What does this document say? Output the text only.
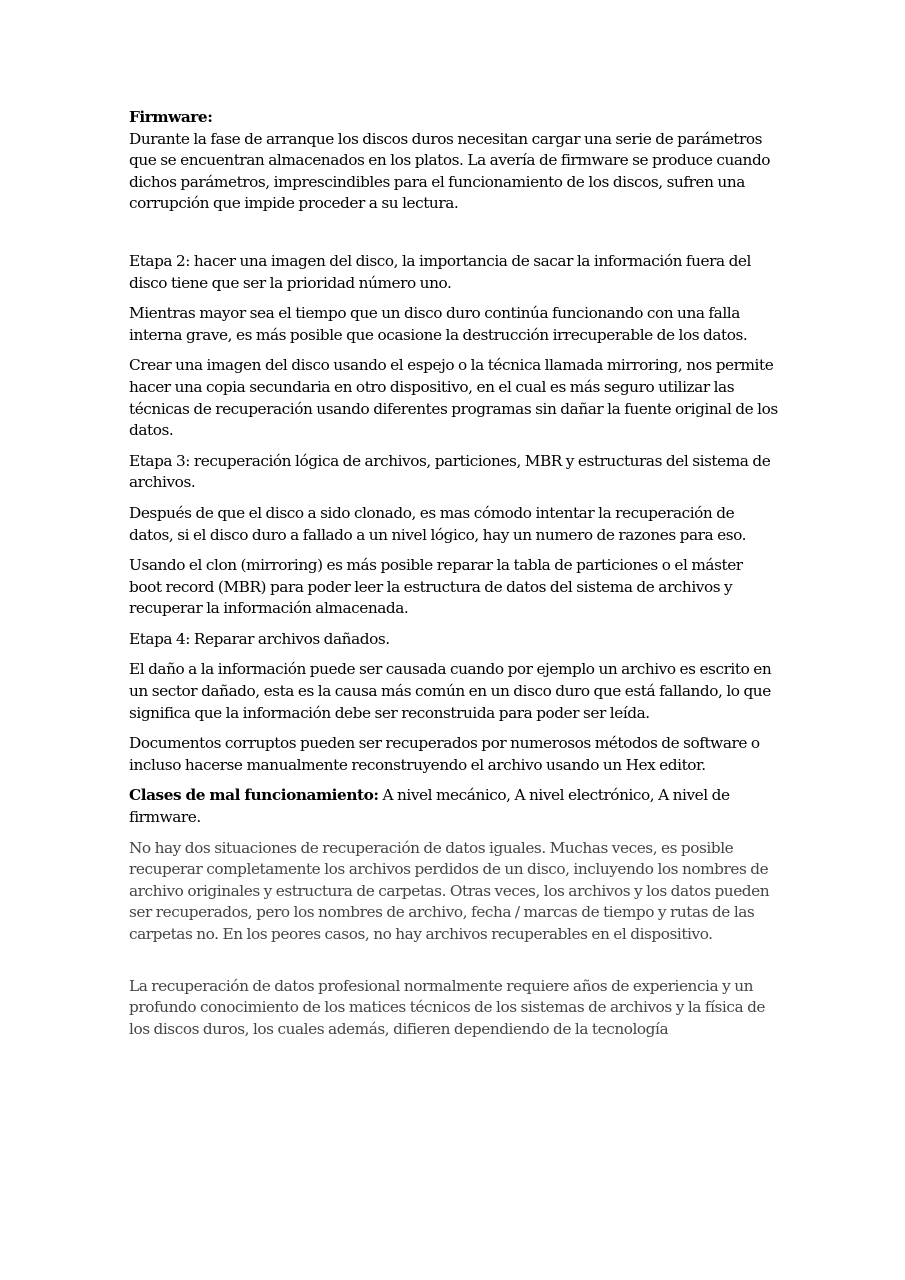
Firmware:
Durante la fase de arranque los discos duros necesitan cargar una serie de parámetros que se encuentran almacenados en los platos. La avería de firmware se produce cuando dichos parámetros, imprescindibles para el funcionamiento de los discos, sufren una corrupción que impide proceder a su lectura.

Etapa 2: hacer una imagen del disco, la importancia de sacar la información fuera del disco tiene que ser la prioridad número uno.

Mientras mayor sea el tiempo que un disco duro continúa funcionando con una falla interna grave, es más posible que ocasione la destrucción irrecuperable de los datos.

Crear una imagen del disco usando el espejo o la técnica llamada mirroring, nos permite hacer una copia secundaria en otro dispositivo, en el cual es más seguro utilizar las técnicas de recuperación usando diferentes programas sin dañar la fuente original de los datos.

Etapa 3: recuperación lógica de archivos, particiones, MBR y estructuras del sistema de archivos.

Después de que el disco a sido clonado, es mas cómodo intentar la recuperación de datos, si el disco duro a fallado a un nivel lógico, hay un numero de razones para eso.

Usando el clon (mirroring) es más posible reparar la tabla de particiones o el máster boot record (MBR) para poder leer la estructura de datos del sistema de archivos y recuperar la información almacenada.

Etapa 4: Reparar archivos dañados.

El daño a la información puede ser causada cuando por ejemplo un archivo es escrito en un sector dañado, esta es la causa más común en un disco duro que está fallando, lo que significa que la información debe ser reconstruida para poder ser leída.

Documentos corruptos pueden ser recuperados por numerosos métodos de software o incluso hacerse manualmente reconstruyendo el archivo usando un Hex editor.

Clases de mal funcionamiento: A nivel mecánico, A nivel electrónico, A nivel de firmware.

No hay dos situaciones de recuperación de datos iguales. Muchas veces, es posible recuperar completamente los archivos perdidos de un disco, incluyendo los nombres de archivo originales y estructura de carpetas. Otras veces, los archivos y los datos pueden ser recuperados, pero los nombres de archivo, fecha / marcas de tiempo y rutas de las carpetas no. En los peores casos, no hay archivos recuperables en el dispositivo.

La recuperación de datos profesional normalmente requiere años de experiencia y un profundo conocimiento de los matices técnicos de los sistemas de archivos y la física de los discos duros, los cuales además, difieren dependiendo de la tecnología
